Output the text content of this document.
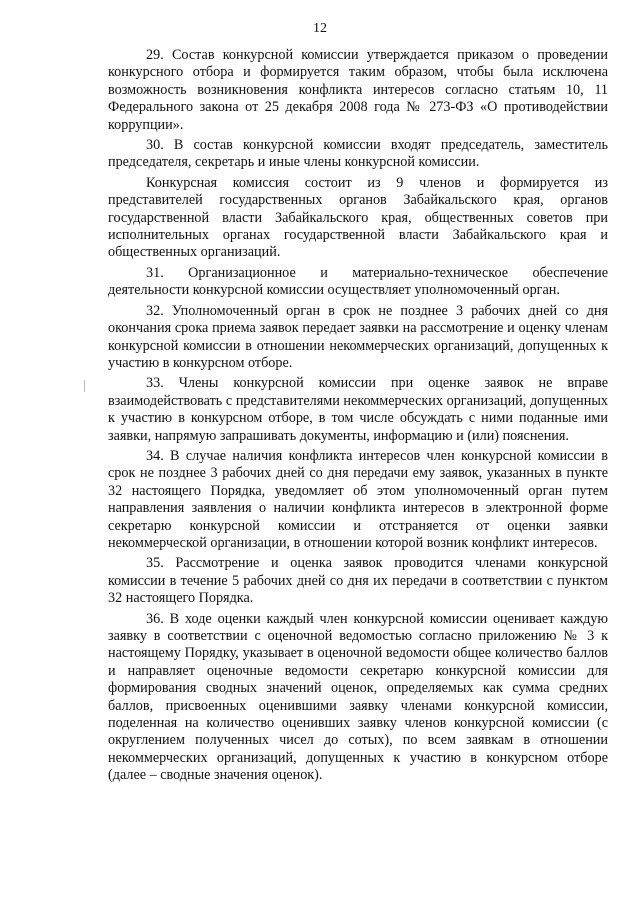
12

29. Состав конкурсной комиссии утверждается приказом о проведении конкурсного отбора и формируется таким образом, чтобы была исключена возможность возникновения конфликта интересов согласно статьям 10, 11 Федерального закона от 25 декабря 2008 года № 273-ФЗ «О противодействии коррупции».

30. В состав конкурсной комиссии входят председатель, заместитель председателя, секретарь и иные члены конкурсной комиссии.

Конкурсная комиссия состоит из 9 членов и формируется из представителей государственных органов Забайкальского края, органов государственной власти Забайкальского края, общественных советов при исполнительных органах государственной власти Забайкальского края и общественных организаций.

31. Организационное и материально-техническое обеспечение деятельности конкурсной комиссии осуществляет уполномоченный орган.

32. Уполномоченный орган в срок не позднее 3 рабочих дней со дня окончания срока приема заявок передает заявки на рассмотрение и оценку членам конкурсной комиссии в отношении некоммерческих организаций, допущенных к участию в конкурсном отборе.

33. Члены конкурсной комиссии при оценке заявок не вправе взаимодействовать с представителями некоммерческих организаций, допущенных к участию в конкурсном отборе, в том числе обсуждать с ними поданные ими заявки, напрямую запрашивать документы, информацию и (или) пояснения.

34. В случае наличия конфликта интересов член конкурсной комиссии в срок не позднее 3 рабочих дней со дня передачи ему заявок, указанных в пункте 32 настоящего Порядка, уведомляет об этом уполномоченный орган путем направления заявления о наличии конфликта интересов в электронной форме секретарю конкурсной комиссии и отстраняется от оценки заявки некоммерческой организации, в отношении которой возник конфликт интересов.

35. Рассмотрение и оценка заявок проводится членами конкурсной комиссии в течение 5 рабочих дней со дня их передачи в соответствии с пунктом 32 настоящего Порядка.

36. В ходе оценки каждый член конкурсной комиссии оценивает каждую заявку в соответствии с оценочной ведомостью согласно приложению № 3 к настоящему Порядку, указывает в оценочной ведомости общее количество баллов и направляет оценочные ведомости секретарю конкурсной комиссии для формирования сводных значений оценок, определяемых как сумма средних баллов, присвоенных оценившими заявку членами конкурсной комиссии, поделенная на количество оценивших заявку членов конкурсной комиссии (с округлением полученных чисел до сотых), по всем заявкам в отношении некоммерческих организаций, допущенных к участию в конкурсном отборе (далее – сводные значения оценок).
